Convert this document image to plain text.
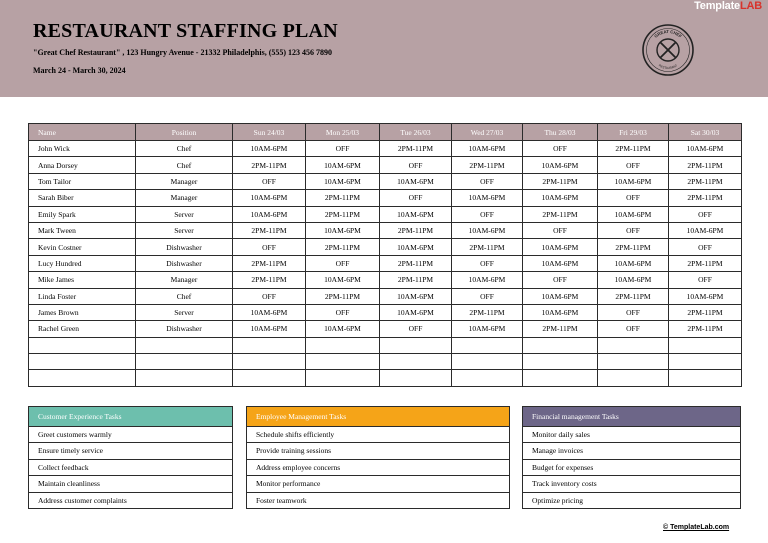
TemplateLAB
RESTAURANT STAFFING PLAN
"Great Chef Restaurant" , 123 Hungry Avenue - 21332 Philadelphis, (555) 123 456 7890
March 24 - March 30, 2024
GREAT CHEF
RESTAURANT
Name	Position	Sun 24/03	Mon 25/03	Tue 26/03	Wed 27/03	Thu 28/03	Fri 29/03	Sat 30/03
John Wick	Chef	10AM-6PM	OFF	2PM-11PM	10AM-6PM	OFF	2PM-11PM	10AM-6PM
Anna Dorsey	Chef	2PM-11PM	10AM-6PM	OFF	2PM-11PM	10AM-6PM	OFF	2PM-11PM
Tom Tailor	Manager	OFF	10AM-6PM	10AM-6PM	OFF	2PM-11PM	10AM-6PM	2PM-11PM
Sarah Biber	Manager	10AM-6PM	2PM-11PM	OFF	10AM-6PM	10AM-6PM	OFF	2PM-11PM
Emily Spark	Server	10AM-6PM	2PM-11PM	10AM-6PM	OFF	2PM-11PM	10AM-6PM	OFF
Mark Tween	Server	2PM-11PM	10AM-6PM	2PM-11PM	10AM-6PM	OFF	OFF	10AM-6PM
Kevin Costner	Dishwasher	OFF	2PM-11PM	10AM-6PM	2PM-11PM	10AM-6PM	2PM-11PM	OFF
Lucy Hundred	Dishwasher	2PM-11PM	OFF	2PM-11PM	OFF	10AM-6PM	10AM-6PM	2PM-11PM
Mike James	Manager	2PM-11PM	10AM-6PM	2PM-11PM	10AM-6PM	OFF	10AM-6PM	OFF
Linda Foster	Chef	OFF	2PM-11PM	10AM-6PM	OFF	10AM-6PM	2PM-11PM	10AM-6PM
James Brown	Server	10AM-6PM	OFF	10AM-6PM	2PM-11PM	10AM-6PM	OFF	2PM-11PM
Rachel Green	Dishwasher	10AM-6PM	10AM-6PM	OFF	10AM-6PM	2PM-11PM	OFF	2PM-11PM

Customer Experience Tasks
Greet customers warmly
Ensure timely service
Collect feedback
Maintain cleanliness
Address customer complaints
Employee Management Tasks
Schedule shifts efficiently
Provide training sessions
Address employee concerns
Monitor performance
Foster teamwork
Financial management Tasks
Monitor daily sales
Manage invoices
Budget for expenses
Track inventory costs
Optimize pricing
© TemplateLab.com
